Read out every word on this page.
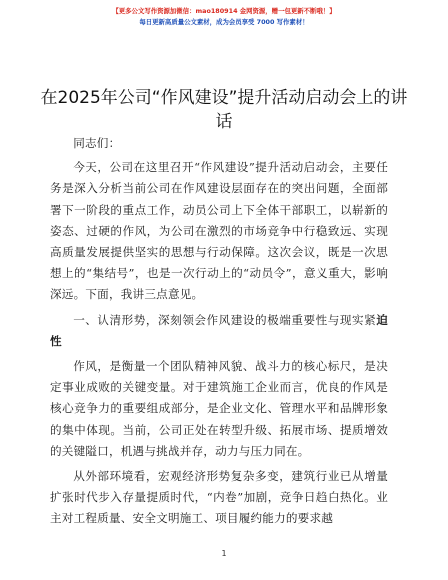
【更多公文写作资源加微信：mao180914 金网资源，赠一包更新不断哦！】
每日更新高质量公文素材，成为会员享受 7000 写作素材！
在2025年公司“作风建设”提升活动启动会上的讲话

同志们：

今天，公司在这里召开“作风建设”提升活动启动会，主要任务是深入分析当前公司在作风建设层面存在的突出问题，全面部署下一阶段的重点工作，动员公司上下全体干部职工，以崭新的姿态、过硬的作风，为公司在激烈的市场竞争中行稳致远、实现高质量发展提供坚实的思想与行动保障。这次会议，既是一次思想上的“集结号”，也是一次行动上的“动员令”，意义重大，影响深远。下面，我讲三点意见。

一、认清形势，深刻领会作风建设的极端重要性与现实紧迫性

作风，是衡量一个团队精神风貌、战斗力的核心标尺，是决定事业成败的关键变量。对于建筑施工企业而言，优良的作风是核心竞争力的重要组成部分，是企业文化、管理水平和品牌形象的集中体现。当前，公司正处在转型升级、拓展市场、提质增效的关键隘口，机遇与挑战并存，动力与压力同在。

从外部环境看，宏观经济形势复杂多变，建筑行业已从增量扩张时代步入存量提质时代，“内卷”加剧，竞争日趋白热化。业主对工程质量、安全文明施工、项目履约能力的要求越

1
